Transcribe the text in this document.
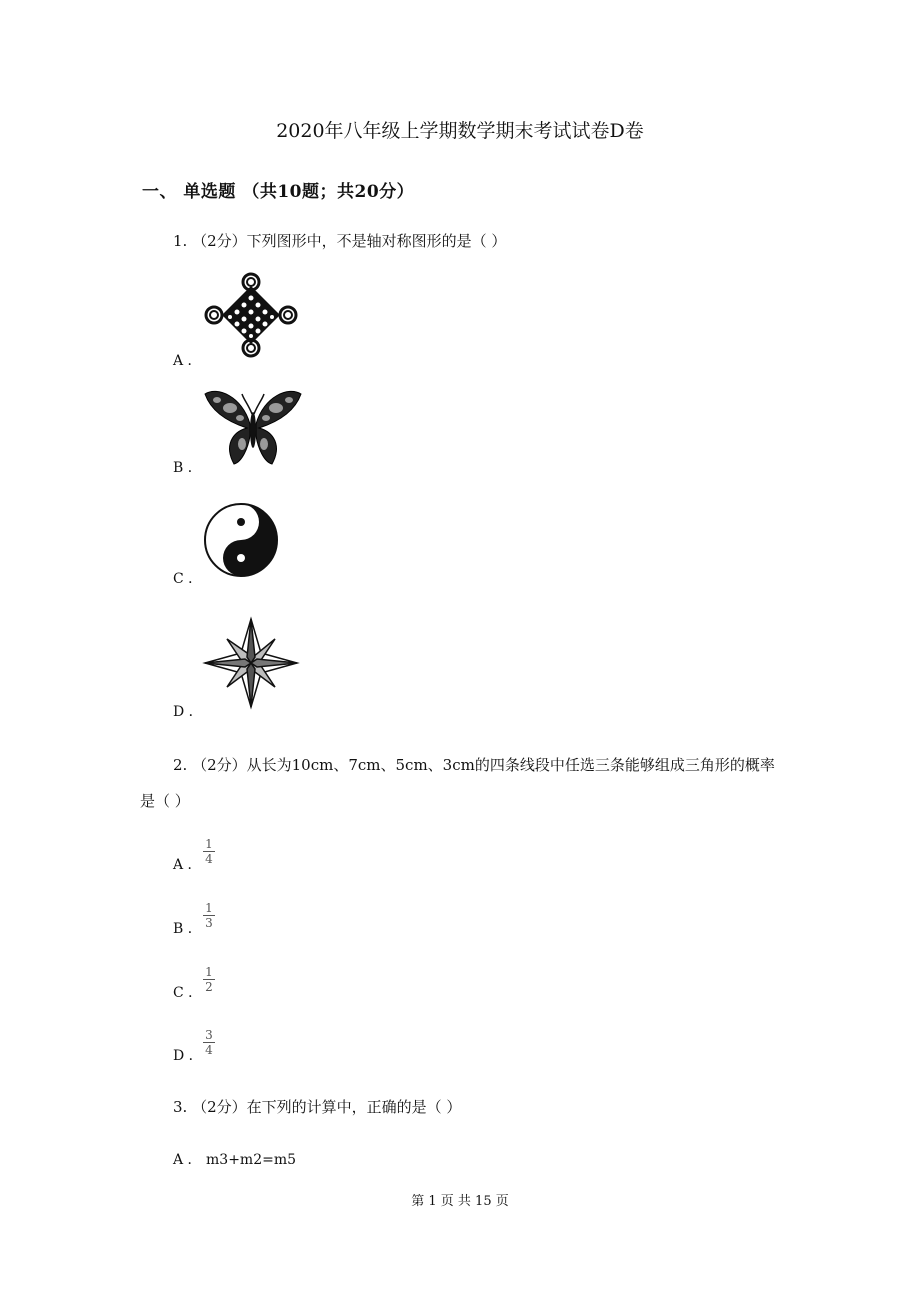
2020年八年级上学期数学期末考试试卷D卷
一、 单选题 （共10题；共20分）
1. （2分）下列图形中，不是轴对称图形的是（ ）
A ．
B ．
C ．
D ．
2. （2分）从长为10cm、7cm、5cm、3cm的四条线段中任选三条能够组成三角形的概率
是（ ）
A ． $\frac{1}{4}$
B ． $\frac{1}{3}$
C ． $\frac{1}{2}$
D ． $\frac{3}{4}$
3. （2分）在下列的计算中，正确的是（ ）
A ． m3+m2=m5
第 1 页 共 15 页
